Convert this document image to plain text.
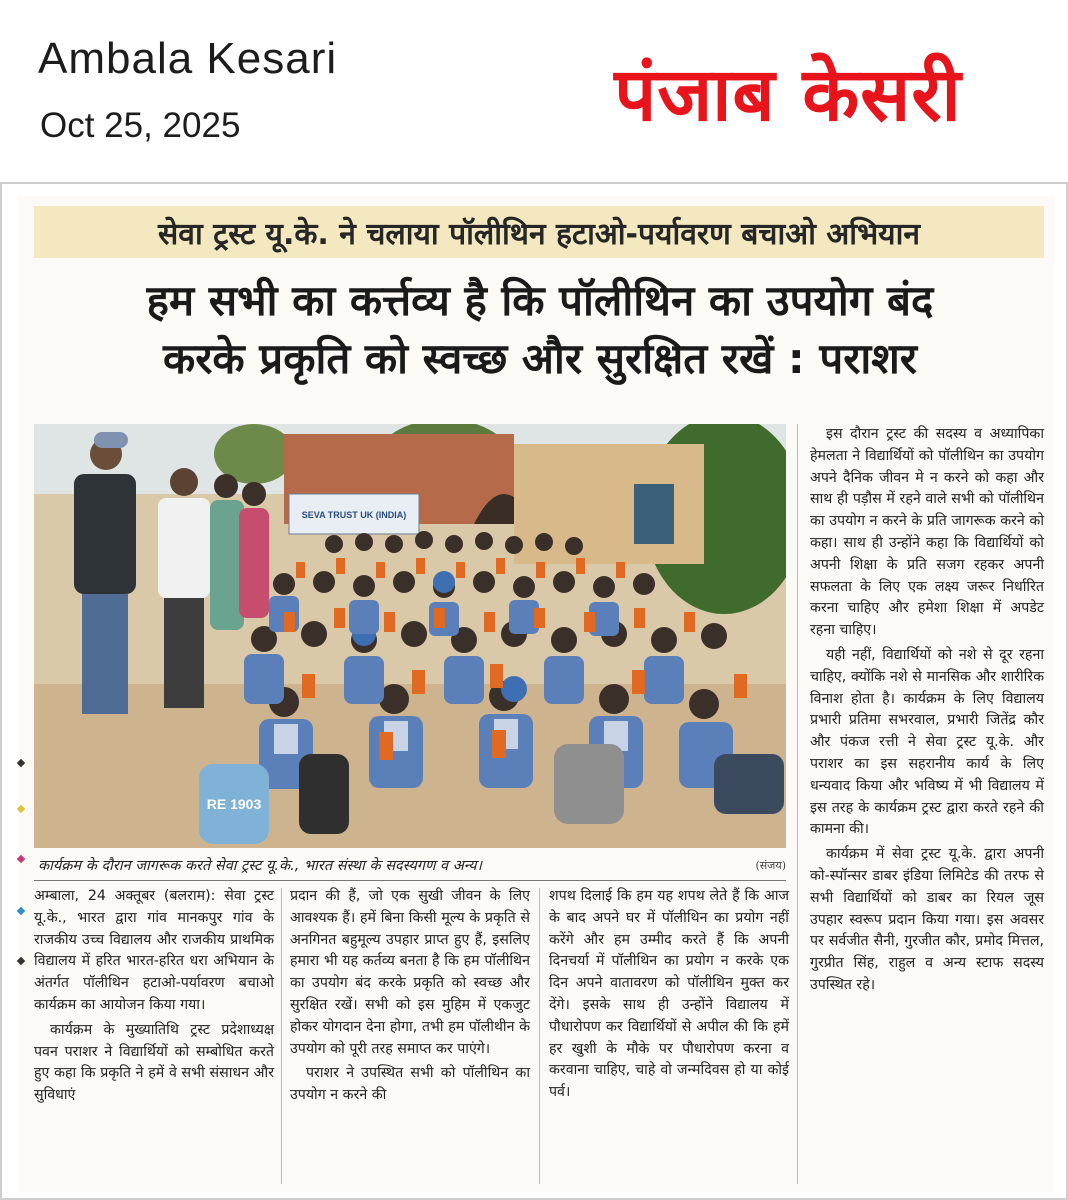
Ambala Kesari
Oct 25, 2025	पंजाब केसरी
सेवा ट्रस्ट यू.के. ने चलाया पॉलीथिन हटाओ-पर्यावरण बचाओ अभियान
हम सभी का कर्त्तव्य है कि पॉलीथिन का उपयोग बंद
करके प्रकृति को स्वच्छ और सुरक्षित रखें : पराशर
SEVA TRUST UK (INDIA)
RE 1903
कार्यक्रम के दौरान जागरूक करते सेवा ट्रस्ट यू.के., भारत संस्था के सदस्यगण व अन्य।	(संजय)

इस दौरान ट्रस्ट की सदस्य व अध्यापिका हेमलता ने विद्यार्थियों को पॉलीथिन का उपयोग अपने दैनिक जीवन मे न करने को कहा और साथ ही पड़ौस में रहने वाले सभी को पॉलीथिन का उपयोग न करने के प्रति जागरूक करने को कहा। साथ ही उन्होंने कहा कि विद्यार्थियों को अपनी शिक्षा के प्रति सजग रहकर अपनी सफलता के लिए एक लक्ष्य जरूर निर्धारित करना चाहिए और हमेशा शिक्षा में अपडेट रहना चाहिए।

यही नहीं, विद्यार्थियों को नशे से दूर रहना चाहिए, क्योंकि नशे से मानसिक और शारीरिक विनाश होता है। कार्यक्रम के लिए विद्यालय प्रभारी प्रतिमा सभरवाल, प्रभारी जितेंद्र कौर और पंकज रत्ती ने सेवा ट्रस्ट यू.के. और पराशर का इस सहरानीय कार्य के लिए धन्यवाद किया और भविष्य में भी विद्यालय में इस तरह के कार्यक्रम ट्रस्ट द्वारा करते रहने की कामना की।

कार्यक्रम में सेवा ट्रस्ट यू.के. द्वारा अपनी को-स्पॉन्सर डाबर इंडिया लिमिटेड की तरफ से सभी विद्यार्थियों को डाबर का रियल जूस उपहार स्वरूप प्रदान किया गया। इस अवसर पर सर्वजीत सैनी, गुरजीत कौर, प्रमोद मित्तल, गुरप्रीत सिंह, राहुल व अन्य स्टाफ सदस्य उपस्थित रहे।

अम्बाला, 24 अक्तूबर (बलराम): सेवा ट्रस्ट यू.के., भारत द्वारा गांव मानकपुर गांव के राजकीय उच्च विद्यालय और राजकीय प्राथमिक विद्यालय में हरित भारत-हरित धरा अभियान के अंतर्गत पॉलीथिन हटाओ-पर्यावरण बचाओ कार्यक्रम का आयोजन किया गया।

कार्यक्रम के मुख्यातिथि ट्रस्ट प्रदेशाध्यक्ष पवन पराशर ने विद्यार्थियों को सम्बोधित करते हुए कहा कि प्रकृति ने हमें वे सभी संसाधन और सुविधाएं

प्रदान की हैं, जो एक सुखी जीवन के लिए आवश्यक हैं। हमें बिना किसी मूल्य के प्रकृति से अनगिनत बहुमूल्य उपहार प्राप्त हुए हैं, इसलिए हमारा भी यह कर्तव्य बनता है कि हम पॉलीथिन का उपयोग बंद करके प्रकृति को स्वच्छ और सुरक्षित रखें। सभी को इस मुहिम में एकजुट होकर योगदान देना होगा, तभी हम पॉलीथीन के उपयोग को पूरी तरह समाप्त कर पाएंगे।

पराशर ने उपस्थित सभी को पॉलीथिन का उपयोग न करने की

शपथ दिलाई कि हम यह शपथ लेते हैं कि आज के बाद अपने घर में पॉलीथिन का प्रयोग नहीं करेंगे और हम उम्मीद करते हैं कि अपनी दिनचर्या में पॉलीथिन का प्रयोग न करके एक दिन अपने वातावरण को पॉलीथिन मुक्त कर देंगे। इसके साथ ही उन्होंने विद्यालय में पौधारोपण कर विद्यार्थियों से अपील की कि हमें हर खुशी के मौके पर पौधारोपण करना व करवाना चाहिए, चाहे वो जन्मदिवस हो या कोई पर्व।
